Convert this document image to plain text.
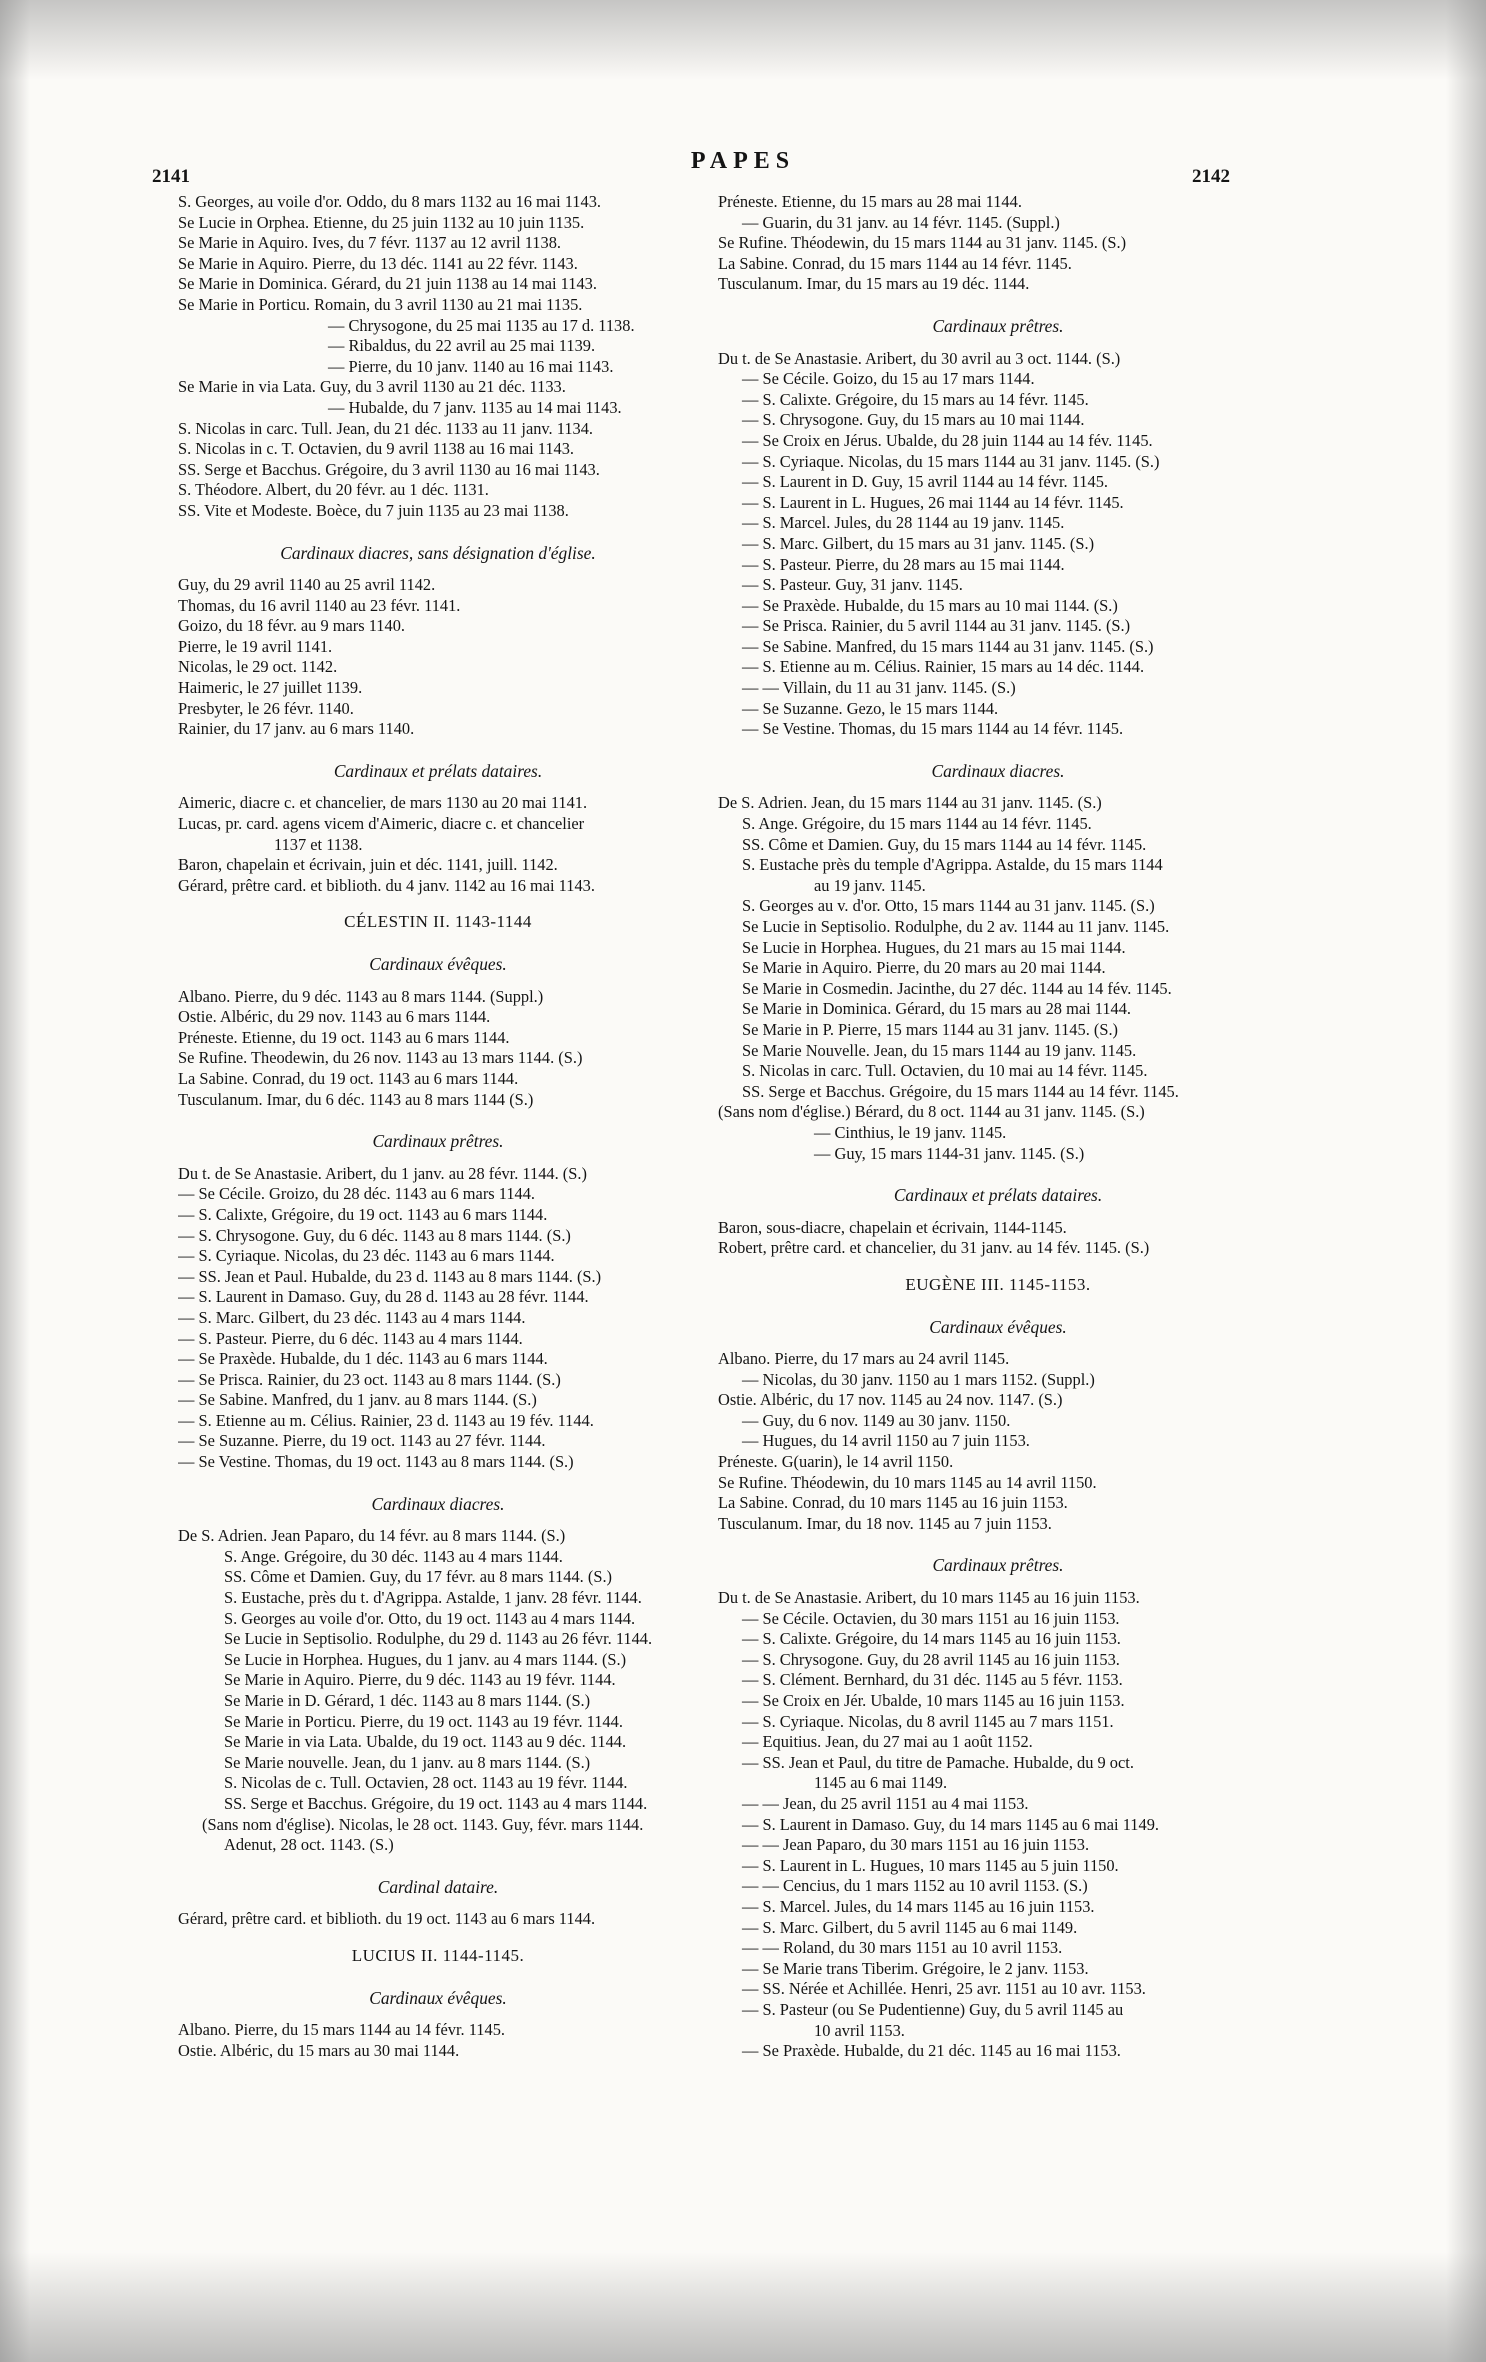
2141
PAPES
2142
S. Georges, au voile d'or. Oddo, du 8 mars 1132 au 16 mai 1143.
Se Lucie in Orphea. Etienne, du 25 juin 1132 au 10 juin 1135.
Se Marie in Aquiro. Ives, du 7 févr. 1137 au 12 avril 1138.
Se Marie in Aquiro. Pierre, du 13 déc. 1141 au 22 févr. 1143.
Se Marie in Dominica. Gérard, du 21 juin 1138 au 14 mai 1143.
Se Marie in Porticu. Romain, du 3 avril 1130 au 21 mai 1135.
— Chrysogone, du 25 mai 1135 au 17 d. 1138.
— Ribaldus, du 22 avril au 25 mai 1139.
— Pierre, du 10 janv. 1140 au 16 mai 1143.
Se Marie in via Lata. Guy, du 3 avril 1130 au 21 déc. 1133.
— Hubalde, du 7 janv. 1135 au 14 mai 1143.
S. Nicolas in carc. Tull. Jean, du 21 déc. 1133 au 11 janv. 1134.
S. Nicolas in c. T. Octavien, du 9 avril 1138 au 16 mai 1143.
SS. Serge et Bacchus. Grégoire, du 3 avril 1130 au 16 mai 1143.
S. Théodore. Albert, du 20 févr. au 1 déc. 1131.
SS. Vite et Modeste. Boèce, du 7 juin 1135 au 23 mai 1138.
Cardinaux diacres, sans désignation d'église.
Guy, du 29 avril 1140 au 25 avril 1142.
Thomas, du 16 avril 1140 au 23 févr. 1141.
Goizo, du 18 févr. au 9 mars 1140.
Pierre, le 19 avril 1141.
Nicolas, le 29 oct. 1142.
Haimeric, le 27 juillet 1139.
Presbyter, le 26 févr. 1140.
Rainier, du 17 janv. au 6 mars 1140.
Cardinaux et prélats dataires.
Aimeric, diacre c. et chancelier, de mars 1130 au 20 mai 1141.
Lucas, pr. card. agens vicem d'Aimeric, diacre c. et chancelier
1137 et 1138.
Baron, chapelain et écrivain, juin et déc. 1141, juill. 1142.
Gérard, prêtre card. et biblioth. du 4 janv. 1142 au 16 mai 1143.
CÉLESTIN II. 1143-1144
Cardinaux évêques.
Albano. Pierre, du 9 déc. 1143 au 8 mars 1144. (Suppl.)
Ostie. Albéric, du 29 nov. 1143 au 6 mars 1144.
Préneste. Etienne, du 19 oct. 1143 au 6 mars 1144.
Se Rufine. Theodewin, du 26 nov. 1143 au 13 mars 1144. (S.)
La Sabine. Conrad, du 19 oct. 1143 au 6 mars 1144.
Tusculanum. Imar, du 6 déc. 1143 au 8 mars 1144 (S.)
Cardinaux prêtres.
Du t. de Se Anastasie. Aribert, du 1 janv. au 28 févr. 1144. (S.)
— Se Cécile. Groizo, du 28 déc. 1143 au 6 mars 1144.
— S. Calixte, Grégoire, du 19 oct. 1143 au 6 mars 1144.
— S. Chrysogone. Guy, du 6 déc. 1143 au 8 mars 1144. (S.)
— S. Cyriaque. Nicolas, du 23 déc. 1143 au 6 mars 1144.
— SS. Jean et Paul. Hubalde, du 23 d. 1143 au 8 mars 1144. (S.)
— S. Laurent in Damaso. Guy, du 28 d. 1143 au 28 févr. 1144.
— S. Marc. Gilbert, du 23 déc. 1143 au 4 mars 1144.
— S. Pasteur. Pierre, du 6 déc. 1143 au 4 mars 1144.
— Se Praxède. Hubalde, du 1 déc. 1143 au 6 mars 1144.
— Se Prisca. Rainier, du 23 oct. 1143 au 8 mars 1144. (S.)
— Se Sabine. Manfred, du 1 janv. au 8 mars 1144. (S.)
— S. Etienne au m. Célius. Rainier, 23 d. 1143 au 19 fév. 1144.
— Se Suzanne. Pierre, du 19 oct. 1143 au 27 févr. 1144.
— Se Vestine. Thomas, du 19 oct. 1143 au 8 mars 1144. (S.)
Cardinaux diacres.
De S. Adrien. Jean Paparo, du 14 févr. au 8 mars 1144. (S.)
S. Ange. Grégoire, du 30 déc. 1143 au 4 mars 1144.
SS. Côme et Damien. Guy, du 17 févr. au 8 mars 1144. (S.)
S. Eustache, près du t. d'Agrippa. Astalde, 1 janv. 28 févr. 1144.
S. Georges au voile d'or. Otto, du 19 oct. 1143 au 4 mars 1144.
Se Lucie in Septisolio. Rodulphe, du 29 d. 1143 au 26 févr. 1144.
Se Lucie in Horphea. Hugues, du 1 janv. au 4 mars 1144. (S.)
Se Marie in Aquiro. Pierre, du 9 déc. 1143 au 19 févr. 1144.
Se Marie in D. Gérard, 1 déc. 1143 au 8 mars 1144. (S.)
Se Marie in Porticu. Pierre, du 19 oct. 1143 au 19 févr. 1144.
Se Marie in via Lata. Ubalde, du 19 oct. 1143 au 9 déc. 1144.
Se Marie nouvelle. Jean, du 1 janv. au 8 mars 1144. (S.)
S. Nicolas de c. Tull. Octavien, 28 oct. 1143 au 19 févr. 1144.
SS. Serge et Bacchus. Grégoire, du 19 oct. 1143 au 4 mars 1144.
(Sans nom d'église). Nicolas, le 28 oct. 1143. Guy, févr. mars 1144.
Adenut, 28 oct. 1143. (S.)
Cardinal dataire.
Gérard, prêtre card. et biblioth. du 19 oct. 1143 au 6 mars 1144.
LUCIUS II. 1144-1145.
Cardinaux évêques.
Albano. Pierre, du 15 mars 1144 au 14 févr. 1145.
Ostie. Albéric, du 15 mars au 30 mai 1144.
Préneste. Etienne, du 15 mars au 28 mai 1144.
— Guarin, du 31 janv. au 14 févr. 1145. (Suppl.)
Se Rufine. Théodewin, du 15 mars 1144 au 31 janv. 1145. (S.)
La Sabine. Conrad, du 15 mars 1144 au 14 févr. 1145.
Tusculanum. Imar, du 15 mars au 19 déc. 1144.
Cardinaux prêtres.
Du t. de Se Anastasie. Aribert, du 30 avril au 3 oct. 1144. (S.)
— Se Cécile. Goizo, du 15 au 17 mars 1144.
— S. Calixte. Grégoire, du 15 mars au 14 févr. 1145.
— S. Chrysogone. Guy, du 15 mars au 10 mai 1144.
— Se Croix en Jérus. Ubalde, du 28 juin 1144 au 14 fév. 1145.
— S. Cyriaque. Nicolas, du 15 mars 1144 au 31 janv. 1145. (S.)
— S. Laurent in D. Guy, 15 avril 1144 au 14 févr. 1145.
— S. Laurent in L. Hugues, 26 mai 1144 au 14 févr. 1145.
— S. Marcel. Jules, du 28 1144 au 19 janv. 1145.
— S. Marc. Gilbert, du 15 mars au 31 janv. 1145. (S.)
— S. Pasteur. Pierre, du 28 mars au 15 mai 1144.
— S. Pasteur. Guy, 31 janv. 1145.
— Se Praxède. Hubalde, du 15 mars au 10 mai 1144. (S.)
— Se Prisca. Rainier, du 5 avril 1144 au 31 janv. 1145. (S.)
— Se Sabine. Manfred, du 15 mars 1144 au 31 janv. 1145. (S.)
— S. Etienne au m. Célius. Rainier, 15 mars au 14 déc. 1144.
— — Villain, du 11 au 31 janv. 1145. (S.)
— Se Suzanne. Gezo, le 15 mars 1144.
— Se Vestine. Thomas, du 15 mars 1144 au 14 févr. 1145.
Cardinaux diacres.
De S. Adrien. Jean, du 15 mars 1144 au 31 janv. 1145. (S.)
S. Ange. Grégoire, du 15 mars 1144 au 14 févr. 1145.
SS. Côme et Damien. Guy, du 15 mars 1144 au 14 févr. 1145.
S. Eustache près du temple d'Agrippa. Astalde, du 15 mars 1144
au 19 janv. 1145.
S. Georges au v. d'or. Otto, 15 mars 1144 au 31 janv. 1145. (S.)
Se Lucie in Septisolio. Rodulphe, du 2 av. 1144 au 11 janv. 1145.
Se Lucie in Horphea. Hugues, du 21 mars au 15 mai 1144.
Se Marie in Aquiro. Pierre, du 20 mars au 20 mai 1144.
Se Marie in Cosmedin. Jacinthe, du 27 déc. 1144 au 14 fév. 1145.
Se Marie in Dominica. Gérard, du 15 mars au 28 mai 1144.
Se Marie in P. Pierre, 15 mars 1144 au 31 janv. 1145. (S.)
Se Marie Nouvelle. Jean, du 15 mars 1144 au 19 janv. 1145.
S. Nicolas in carc. Tull. Octavien, du 10 mai au 14 févr. 1145.
SS. Serge et Bacchus. Grégoire, du 15 mars 1144 au 14 févr. 1145.
(Sans nom d'église.) Bérard, du 8 oct. 1144 au 31 janv. 1145. (S.)
— Cinthius, le 19 janv. 1145.
— Guy, 15 mars 1144-31 janv. 1145. (S.)
Cardinaux et prélats dataires.
Baron, sous-diacre, chapelain et écrivain, 1144-1145.
Robert, prêtre card. et chancelier, du 31 janv. au 14 fév. 1145. (S.)
EUGÈNE III. 1145-1153.
Cardinaux évêques.
Albano. Pierre, du 17 mars au 24 avril 1145.
— Nicolas, du 30 janv. 1150 au 1 mars 1152. (Suppl.)
Ostie. Albéric, du 17 nov. 1145 au 24 nov. 1147. (S.)
— Guy, du 6 nov. 1149 au 30 janv. 1150.
— Hugues, du 14 avril 1150 au 7 juin 1153.
Préneste. G(uarin), le 14 avril 1150.
Se Rufine. Théodewin, du 10 mars 1145 au 14 avril 1150.
La Sabine. Conrad, du 10 mars 1145 au 16 juin 1153.
Tusculanum. Imar, du 18 nov. 1145 au 7 juin 1153.
Cardinaux prêtres.
Du t. de Se Anastasie. Aribert, du 10 mars 1145 au 16 juin 1153.
— Se Cécile. Octavien, du 30 mars 1151 au 16 juin 1153.
— S. Calixte. Grégoire, du 14 mars 1145 au 16 juin 1153.
— S. Chrysogone. Guy, du 28 avril 1145 au 16 juin 1153.
— S. Clément. Bernhard, du 31 déc. 1145 au 5 févr. 1153.
— Se Croix en Jér. Ubalde, 10 mars 1145 au 16 juin 1153.
— S. Cyriaque. Nicolas, du 8 avril 1145 au 7 mars 1151.
— Equitius. Jean, du 27 mai au 1 août 1152.
— SS. Jean et Paul, du titre de Pamache. Hubalde, du 9 oct.
1145 au 6 mai 1149.
— — Jean, du 25 avril 1151 au 4 mai 1153.
— S. Laurent in Damaso. Guy, du 14 mars 1145 au 6 mai 1149.
— — Jean Paparo, du 30 mars 1151 au 16 juin 1153.
— S. Laurent in L. Hugues, 10 mars 1145 au 5 juin 1150.
— — Cencius, du 1 mars 1152 au 10 avril 1153. (S.)
— S. Marcel. Jules, du 14 mars 1145 au 16 juin 1153.
— S. Marc. Gilbert, du 5 avril 1145 au 6 mai 1149.
— — Roland, du 30 mars 1151 au 10 avril 1153.
— Se Marie trans Tiberim. Grégoire, le 2 janv. 1153.
— SS. Nérée et Achillée. Henri, 25 avr. 1151 au 10 avr. 1153.
— S. Pasteur (ou Se Pudentienne) Guy, du 5 avril 1145 au
10 avril 1153.
— Se Praxède. Hubalde, du 21 déc. 1145 au 16 mai 1153.
